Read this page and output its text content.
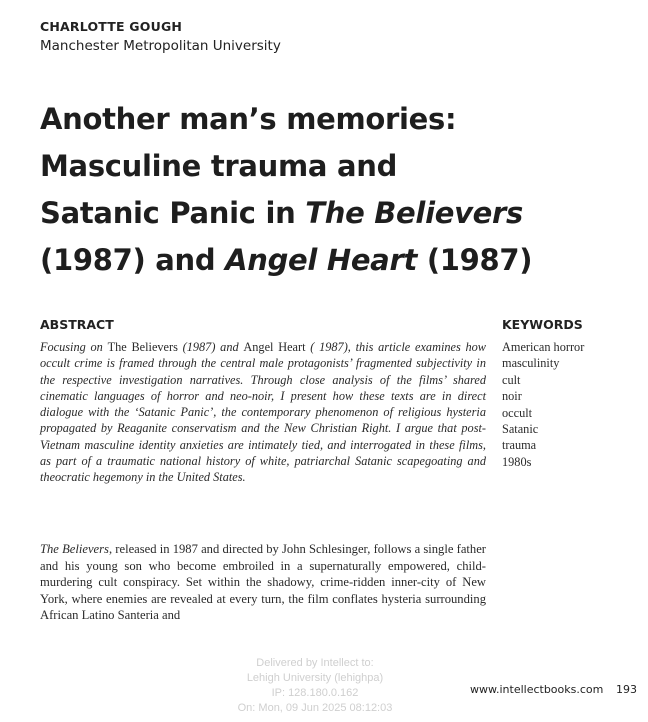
CHARLOTTE GOUGH
Manchester Metropolitan University
Another man’s memories:
Masculine trauma and
Satanic Panic in The Believers
(1987) and Angel Heart (1987)
ABSTRACT
Focusing on The Believers (1987) and Angel Heart ( 1987), this article examines how occult crime is framed through the central male protagonists’ fragmented subjectivity in the respective investigation narratives. Through close analysis of the films’ shared cinematic languages of horror and neo-noir, I present how these texts are in direct dialogue with the ‘Satanic Panic’, the contemporary phenomenon of religious hysteria propagated by Reaganite conservatism and the New Christian Right. I argue that post-Vietnam masculine identity anxieties are intimately tied, and interrogated in these films, as part of a traumatic national history of white, patriarchal Satanic scapegoating and theocratic hegemony in the United States.
KEYWORDS
American horror
masculinity
cult
noir
occult
Satanic
trauma
1980s
The Believers, released in 1987 and directed by John Schlesinger, follows a single father and his young son who become embroiled in a supernaturally empowered, child-murdering cult conspiracy. Set within the shadowy, crime-ridden inner-city of New York, where enemies are revealed at every turn, the film conflates hysteria surrounding African Latino Santeria and
Delivered by Intellect to:
Lehigh University (lehighpa)
IP: 128.180.0.162
On: Mon, 09 Jun 2025 08:12:03
www.intellectbooks.com 193
